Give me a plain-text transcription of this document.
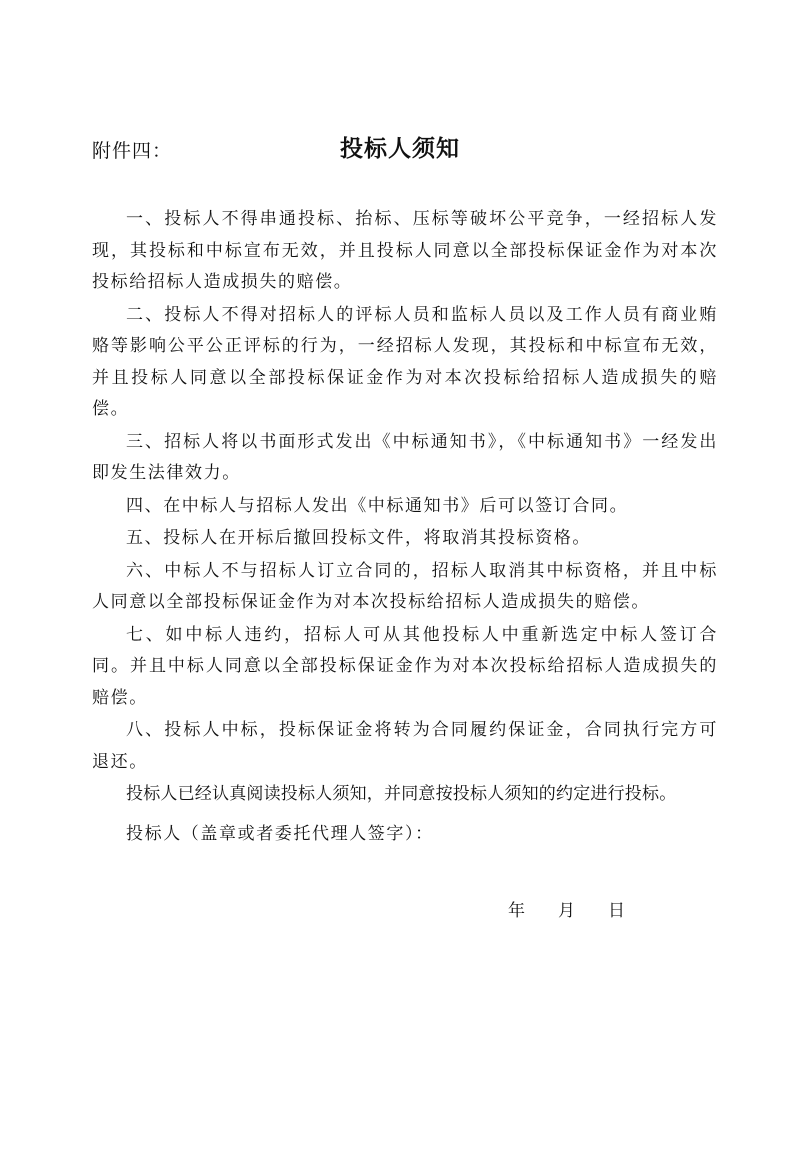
附件四：	投标人须知

一、投标人不得串通投标、抬标、压标等破坏公平竞争，一经招标人发现，其投标和中标宣布无效，并且投标人同意以全部投标保证金作为对本次投标给招标人造成损失的赔偿。

二、投标人不得对招标人的评标人员和监标人员以及工作人员有商业贿赂等影响公平公正评标的行为，一经招标人发现，其投标和中标宣布无效，并且投标人同意以全部投标保证金作为对本次投标给招标人造成损失的赔偿。

三、招标人将以书面形式发出《中标通知书》，《中标通知书》一经发出即发生法律效力。

四、在中标人与招标人发出《中标通知书》后可以签订合同。

五、投标人在开标后撤回投标文件，将取消其投标资格。

六、中标人不与招标人订立合同的，招标人取消其中标资格，并且中标人同意以全部投标保证金作为对本次投标给招标人造成损失的赔偿。

七、如中标人违约，招标人可从其他投标人中重新选定中标人签订合同。并且中标人同意以全部投标保证金作为对本次投标给招标人造成损失的赔偿。

八、投标人中标，投标保证金将转为合同履约保证金，合同执行完方可退还。

投标人已经认真阅读投标人须知，并同意按投标人须知的约定进行投标。

投标人（盖章或者委托代理人签字）：

年 月 日
